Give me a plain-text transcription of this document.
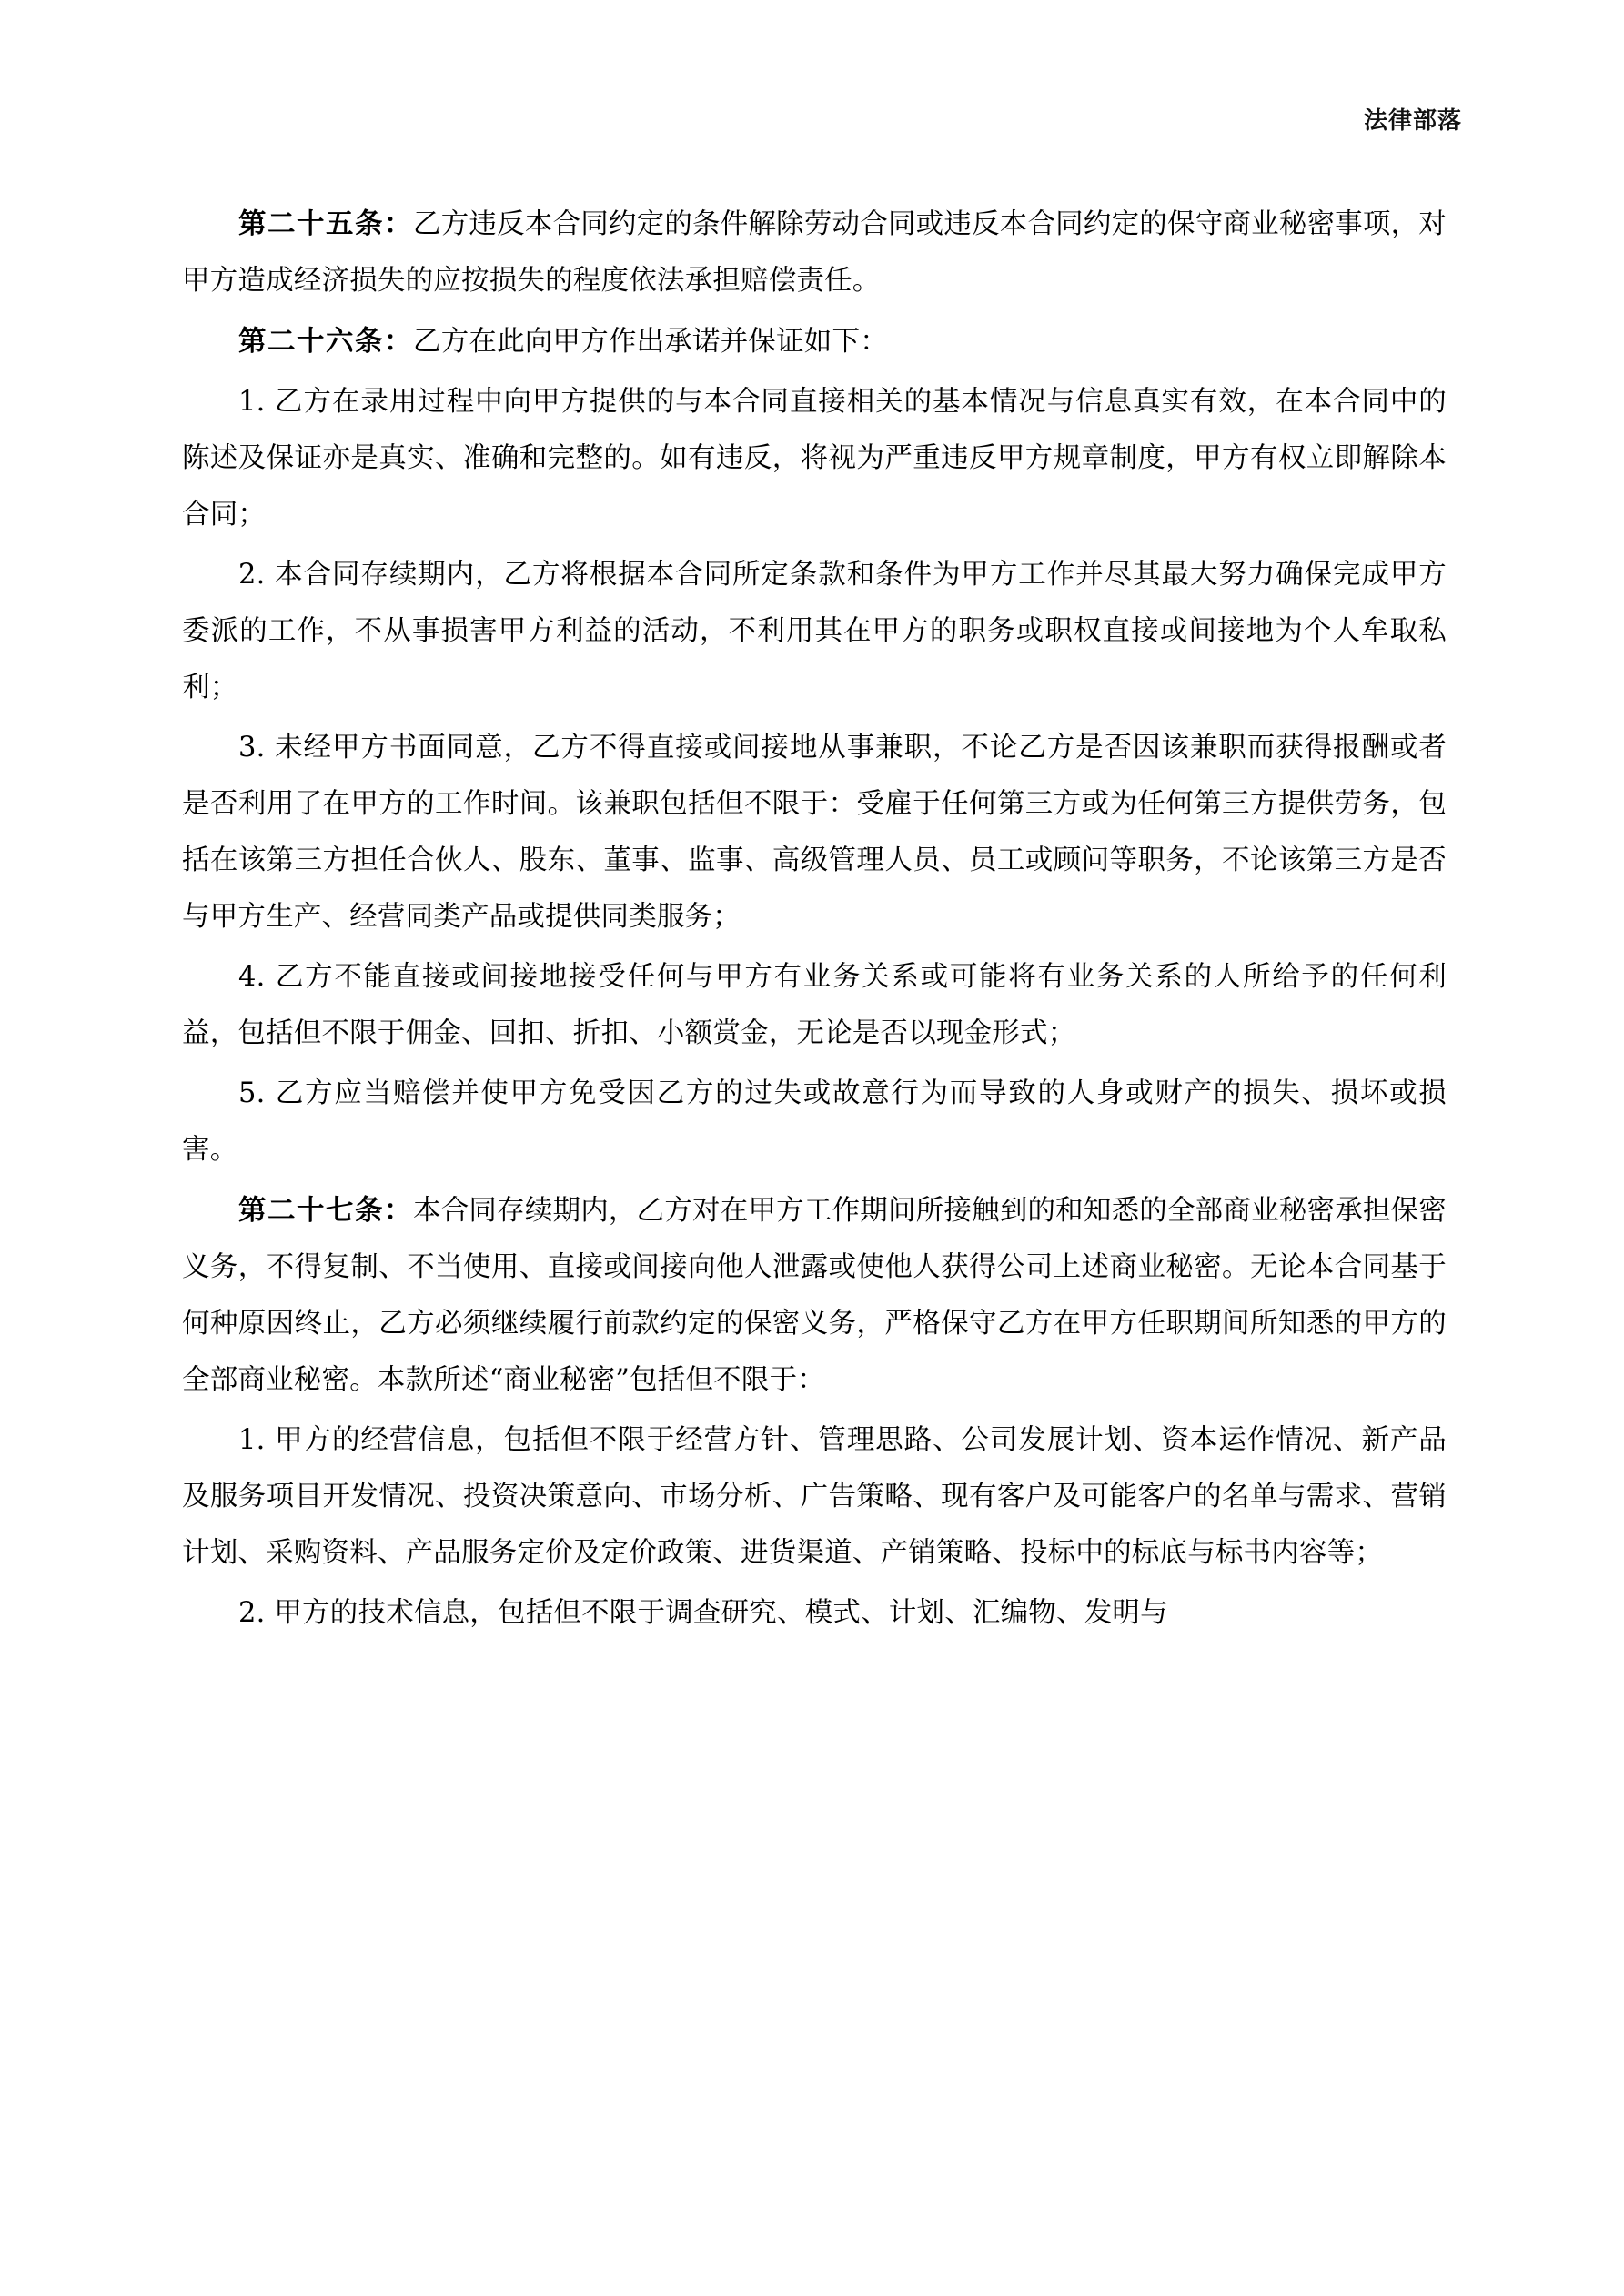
法律部落

第二十五条：乙方违反本合同约定的条件解除劳动合同或违反本合同约定的保守商业秘密事项，对甲方造成经济损失的应按损失的程度依法承担赔偿责任。

第二十六条：乙方在此向甲方作出承诺并保证如下：

1. 乙方在录用过程中向甲方提供的与本合同直接相关的基本情况与信息真实有效，在本合同中的陈述及保证亦是真实、准确和完整的。如有违反，将视为严重违反甲方规章制度，甲方有权立即解除本合同；

2. 本合同存续期内，乙方将根据本合同所定条款和条件为甲方工作并尽其最大努力确保完成甲方委派的工作，不从事损害甲方利益的活动，不利用其在甲方的职务或职权直接或间接地为个人牟取私利；

3. 未经甲方书面同意，乙方不得直接或间接地从事兼职，不论乙方是否因该兼职而获得报酬或者是否利用了在甲方的工作时间。该兼职包括但不限于：受雇于任何第三方或为任何第三方提供劳务，包括在该第三方担任合伙人、股东、董事、监事、高级管理人员、员工或顾问等职务，不论该第三方是否与甲方生产、经营同类产品或提供同类服务；

4. 乙方不能直接或间接地接受任何与甲方有业务关系或可能将有业务关系的人所给予的任何利益，包括但不限于佣金、回扣、折扣、小额赏金，无论是否以现金形式；

5. 乙方应当赔偿并使甲方免受因乙方的过失或故意行为而导致的人身或财产的损失、损坏或损害。

第二十七条：本合同存续期内，乙方对在甲方工作期间所接触到的和知悉的全部商业秘密承担保密义务，不得复制、不当使用、直接或间接向他人泄露或使他人获得公司上述商业秘密。无论本合同基于何种原因终止，乙方必须继续履行前款约定的保密义务，严格保守乙方在甲方任职期间所知悉的甲方的全部商业秘密。本款所述“商业秘密”包括但不限于：

1. 甲方的经营信息，包括但不限于经营方针、管理思路、公司发展计划、资本运作情况、新产品及服务项目开发情况、投资决策意向、市场分析、广告策略、现有客户及可能客户的名单与需求、营销计划、采购资料、产品服务定价及定价政策、进货渠道、产销策略、投标中的标底与标书内容等；

2. 甲方的技术信息，包括但不限于调查研究、模式、计划、汇编物、发明与
